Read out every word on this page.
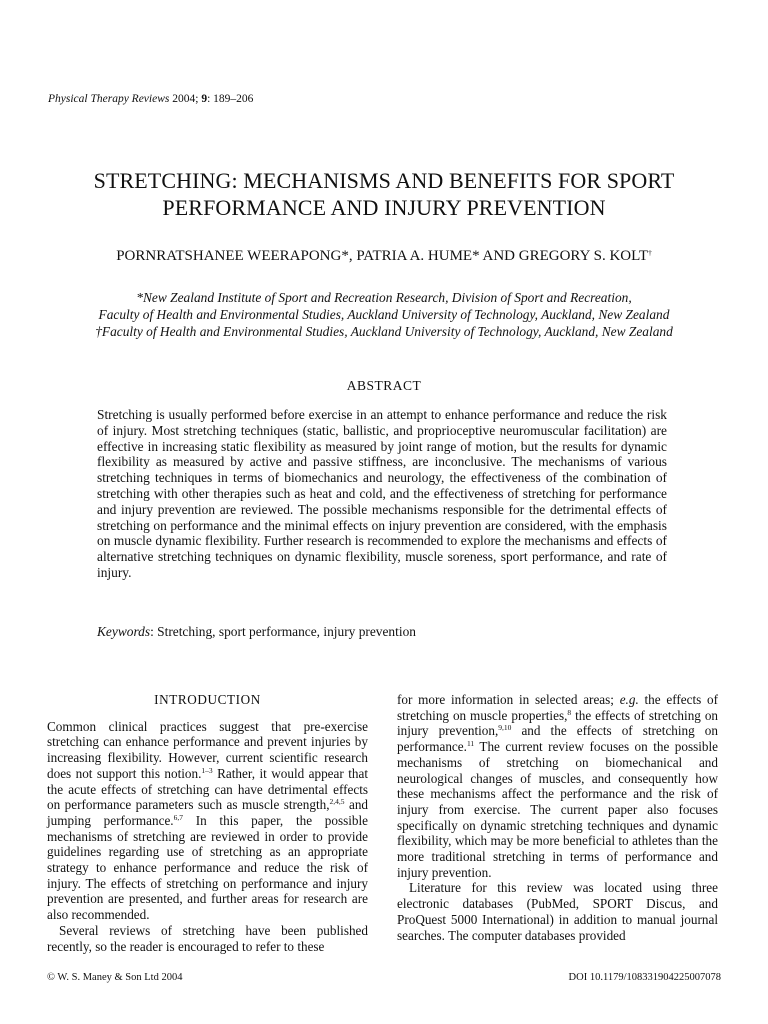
Physical Therapy Reviews 2004; 9: 189–206
STRETCHING: MECHANISMS AND BENEFITS FOR SPORT
PERFORMANCE AND INJURY PREVENTION
PORNRATSHANEE WEERAPONG*, PATRIA A. HUME* AND GREGORY S. KOLT†
*New Zealand Institute of Sport and Recreation Research, Division of Sport and Recreation,
Faculty of Health and Environmental Studies, Auckland University of Technology, Auckland, New Zealand
†Faculty of Health and Environmental Studies, Auckland University of Technology, Auckland, New Zealand
ABSTRACT
Stretching is usually performed before exercise in an attempt to enhance performance and reduce the risk of injury. Most stretching techniques (static, ballistic, and proprioceptive neuromuscular facilitation) are effective in increasing static flexibility as measured by joint range of motion, but the results for dynamic flexibility as measured by active and passive stiffness, are inconclusive. The mechanisms of various stretching techniques in terms of biomechanics and neurology, the effectiveness of the combination of stretching with other therapies such as heat and cold, and the effectiveness of stretching for performance and injury prevention are reviewed. The possible mechanisms responsible for the detrimental effects of stretching on performance and the minimal effects on injury prevention are considered, with the emphasis on muscle dynamic flexibility. Further research is recommended to explore the mechanisms and effects of alternative stretching techniques on dynamic flexibility, muscle soreness, sport performance, and rate of injury.
Keywords: Stretching, sport performance, injury prevention

INTRODUCTION

Common clinical practices suggest that pre-exercise stretching can enhance performance and prevent injuries by increasing flexibility. However, current scientific research does not support this notion.$^{1-3}$ Rather, it would appear that the acute effects of stretching can have detrimental effects on performance parameters such as muscle strength,$^{2,4,5}$ and jumping performance.$^{6,7}$ In this paper, the possible mechanisms of stretching are reviewed in order to provide guidelines regarding use of stretching as an appropriate strategy to enhance performance and reduce the risk of injury. The effects of stretching on performance and injury prevention are presented, and further areas for research are also recommended.

Several reviews of stretching have been published recently, so the reader is encouraged to refer to these

for more information in selected areas; e.g. the effects of stretching on muscle properties,$^8$ the effects of stretching on injury prevention,$^{9,10}$ and the effects of stretching on performance.$^{11}$ The current review focuses on the possible mechanisms of stretching on biomechanical and neurological changes of muscles, and consequently how these mechanisms affect the performance and the risk of injury from exercise. The current paper also focuses specifically on dynamic stretching techniques and dynamic flexibility, which may be more beneficial to athletes than the more traditional stretching in terms of performance and injury prevention.

Literature for this review was located using three electronic databases (PubMed, SPORT Discus, and ProQuest 5000 International) in addition to manual journal searches. The computer databases provided

© W. S. Maney & Son Ltd 2004	DOI 10.1179/108331904225007078
